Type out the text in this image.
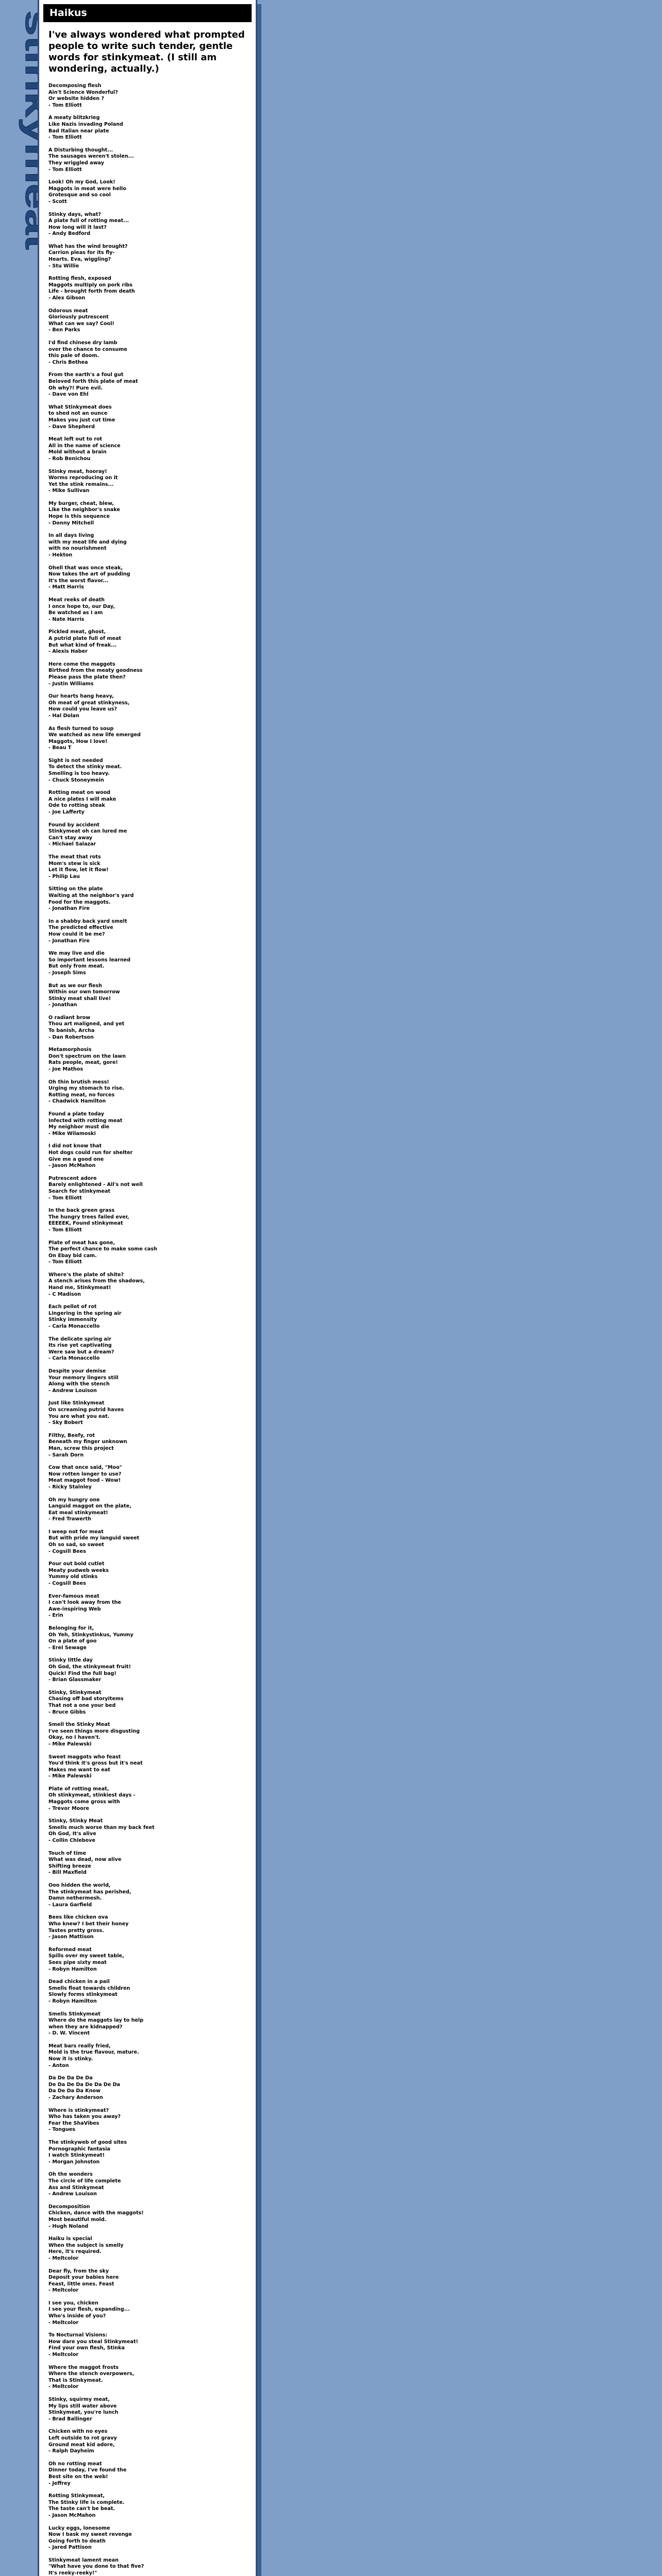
stinkymeat
Haikus
I've always wondered what prompted people to write such tender, gentle words for stinkymeat. (I still am wondering, actually.)
Decomposing flesh
Ain't Science Wonderful?
Or website hidden ?
- Tom Elliott
A meaty blitzkrieg
Like Nazis invading Poland
Bad Italian near plate
- Tom Elliott
A Disturbing thought...
The sausages weren't stolen...
They wriggled away
- Tom Elliott
Look! Oh my God, Look!
Maggots in meat were hello
Grotesque and so cool
- Scott
Stinky days, what?
A plate full of rotting meat...
How long will it last?
- Andy Bedford
What has the wind brought?
Carrion pleas for its fly-
Hearts. Eva, wiggling?
- Stu Willie
Rotting flesh, exposed
Maggots multiply on pork ribs
Life - brought forth from death
- Alex Gibson
Odorous meat
Gloriously putrescent
What can we say? Cool!
- Ben Parks
I'd find chinese dry lamb
over the chance to consume
this pale of doom.
- Chris Bethea
From the earth's a foul gut
Beloved forth this plate of meat
Oh why?! Pure evil.
- Dave von Ehl
What Stinkymeat does
to shed not an ounce
Makes you just cut time
- Dave Shepherd
Meat left out to rot
All in the name of science
Mold without a brain
- Rob Benichou
Stinky meat, hooray!
Worms reproducing on it
Yet the stink remains...
- Mike Sullivan
My burger, cheat, blew,
Like the neighbor's snake
Hope is this sequence
- Donny Mitchell
In all days living
with my meat life and dying
with no nourishment
- Hekton
Ohell that was once steak,
Now takes the art of pudding
It's the worst flavor...
- Matt Harris
Meat reeks of death
I once hope to, our Day,
Be watched as I am
- Nate Harris
Pickled meat, ghost,
A putrid plate full of meat
But what kind of freak...
- Alexis Haber
Here come the maggots
Birthed from the meaty goodness
Please pass the plate then?
- Justin Williams
Our hearts hang heavy,
Oh meat of great stinkyness,
How could you leave us?
- Hal Dolan
As flesh turned to soup
We watched as new life emerged
Maggots, How I love!
- Beau T
Sight is not needed
To detect the stinky meat.
Smelling is too heavy.
- Chuck Stoneymein
Rotting meat on wood
A nice plates I will make
Ode to rotting steak
- Joe Lafferty
Found by accident
Stinkymeat oh can lured me
Can't stay away
- Michael Salazar
The meat that rots
Mom's stew is sick
Let it flow, let it flow!
- Philip Lau
Sitting on the plate
Waiting at the neighbor's yard
Food for the maggots.
- Jonathan Fire
In a shabby back yard smelt
The predicted effective
How could it be me?
- Jonathan Fire
We may live and die
So important lessons learned
But only from meat.
- Joseph Sims
But as we our flesh
Within our own tomorrow
Stinky meat shall live!
- Jonathan
O radiant brow
Thou art maligned, and yet
To banish, Archa
- Dan Robertson
Metamorphosis
Don't spectrum on the lawn
Rats people, meat, gore!
- Joe Mathos
Oh thin brutish mess!
Urging my stomach to rise.
Rotting meat, no forces
- Chadwick Hamilton
Found a plate today
Infected with rotting meat
My neighbor must die
- Mike Wilamoski
I did not know that
Hot dogs could run for shelter
Give me a good one
- Jason McMahon
Putrescent adore
Barely enlightened - All's not well
Search for stinkymeat
- Tom Elliott
In the back green grass
The hungry trees failed ever,
EEEEEK, Found stinkymeat
- Tom Elliott
Plate of meat has gone,
The perfect chance to make some cash
On Ebay bid cam.
- Tom Elliott
Where's the plate of shite?
A stench arises from the shadows,
Hand me, Stinkymeat!
- C Madison
Each pellet of rot
Lingering in the spring air
Stinky immensity
- Carla Monaccello
The delicate spring air
Its rise yet captivating
Were saw but a dream?
- Carla Monaccello
Despite your demise
Your memory lingers still
Along with the stench
- Andrew Louison
Just like Stinkymeat
On screaming putrid haves
You are what you eat.
- Sky Bobert
Filthy, Beefy, rot
Beneath my finger unknown
Man, screw this project
- Sarah Dorn
Cow that once said, "Moo"
Now rotten longer to use?
Meat maggot food - Wow!
- Ricky Stalnley
Oh my hungry one
Languid maggot on the plate,
Eat meal stinkymeat!
- Fred Trawerth
I weep not for meat
But with pride my languid sweet
Oh so sad, so sweet
- Cogsill Bees
Pour out bold cutlet
Meaty pudweb weeks
Yummy old stinks
- Cogsill Bees
Ever-famous meat
I can't look away from the
Awe-inspiring Web
- Erin
Belonging for it,
Oh Yeh, Stinkystinkus, Yummy
On a plate of goo
- Erel Sewage
Stinky little day
Oh God, the stinkymeat fruit!
Quick! Find the full bag!
- Brian Glassmaker
Stinky, Stinkymeat
Chasing off bad storyitems
That not a one your bed
- Bruce Gibbs
Smell the Stinky Meat
I've seen things more disgusting
Okay, no I haven't.
- Mike Palewski
Sweet maggots who feast
You'd think it's gross but it's neat
Makes me want to eat
- Mike Palewski
Plate of rotting meat,
Oh stinkymeat, stinkiest days -
Maggots come gross with
- Trevor Moore
Stinky, Stinky Meat
Smells much worse than my back feet
Oh God, It's alive
- Collin Chlebove
Touch of time
What was dead, now alive
Shifting breeze
- Bill Maxfield
Ooo hidden the world,
The stinkymeat has perished,
Damn nethermesh.
- Laura Garfield
Bees like chicken ova
Who knew? I bet their honey
Tastes pretty gross.
- Jason Mattison
Reformed meat
Spills over my sweet table,
Sees pipe sixty meat
- Robyn Hamilton
Dead chicken in a pail
Smells float towards children
Slowly forms stinkymeat
- Robyn Hamilton
Smells Stinkymeat
Where do the maggots lay to help
when they are kidnapped?
- D. W. Vincent
Meat bars really fried,
Mold is the true flavour, mature.
Now it is stinky.
- Anton
Da De Da De Da
De Da De Da De Da De Da
Da De Da Da Know
- Zachary Anderson
Where is stinkymeat?
Who has taken you away?
Fear the ShaVibes
- Tongues
The stinkyweb of good sites
Pornographic fantasia
I watch Stinkymeat!
- Morgan Johnston
Oh the wonders
The circle of life complete
Ass and Stinkymeat
- Andrew Louison
Decomposition
Chicken, dance with the maggots!
Most beautiful mold.
- Hugh Noland
Haiku is special
When the subject is smelly
Here, it's required.
- Meltcolor
Dear fly, from the sky
Deposit your babies here
Feast, little ones. Feast
- Meltcolor
I see you, chicken
I see your flesh, expanding...
Who's inside of you?
- Meltcolor
To Nocturnal Visions:
How dare you steal Stinkymeat!
Find your own flesh, Stinka
- Meltcolor
Where the maggot frosts
Where the stench overpowers,
That is Stinkymeat.
- Meltcolor
Stinky, squirmy meat,
My lips still water above
Stinkymeat, you're lunch
- Brad Ballinger
Chicken with no eyes
Left outside to rot gravy
Ground meat kid adore,
- Ralph Dayheim
Oh no rotting meat
Dinner today, I've found the
Best site on the web!
- Jeffrey
Rotting Stinkymeat,
The Stinky life is complete.
The taste can't be beat.
- Jason McMahon
Lucky eggs, lonesome
Now I bask my sweet revenge
Going forth to death
- Jared Pattison
Stinkymeat lament mean
"What have you done to that five?
It's reeky-reeky!"
